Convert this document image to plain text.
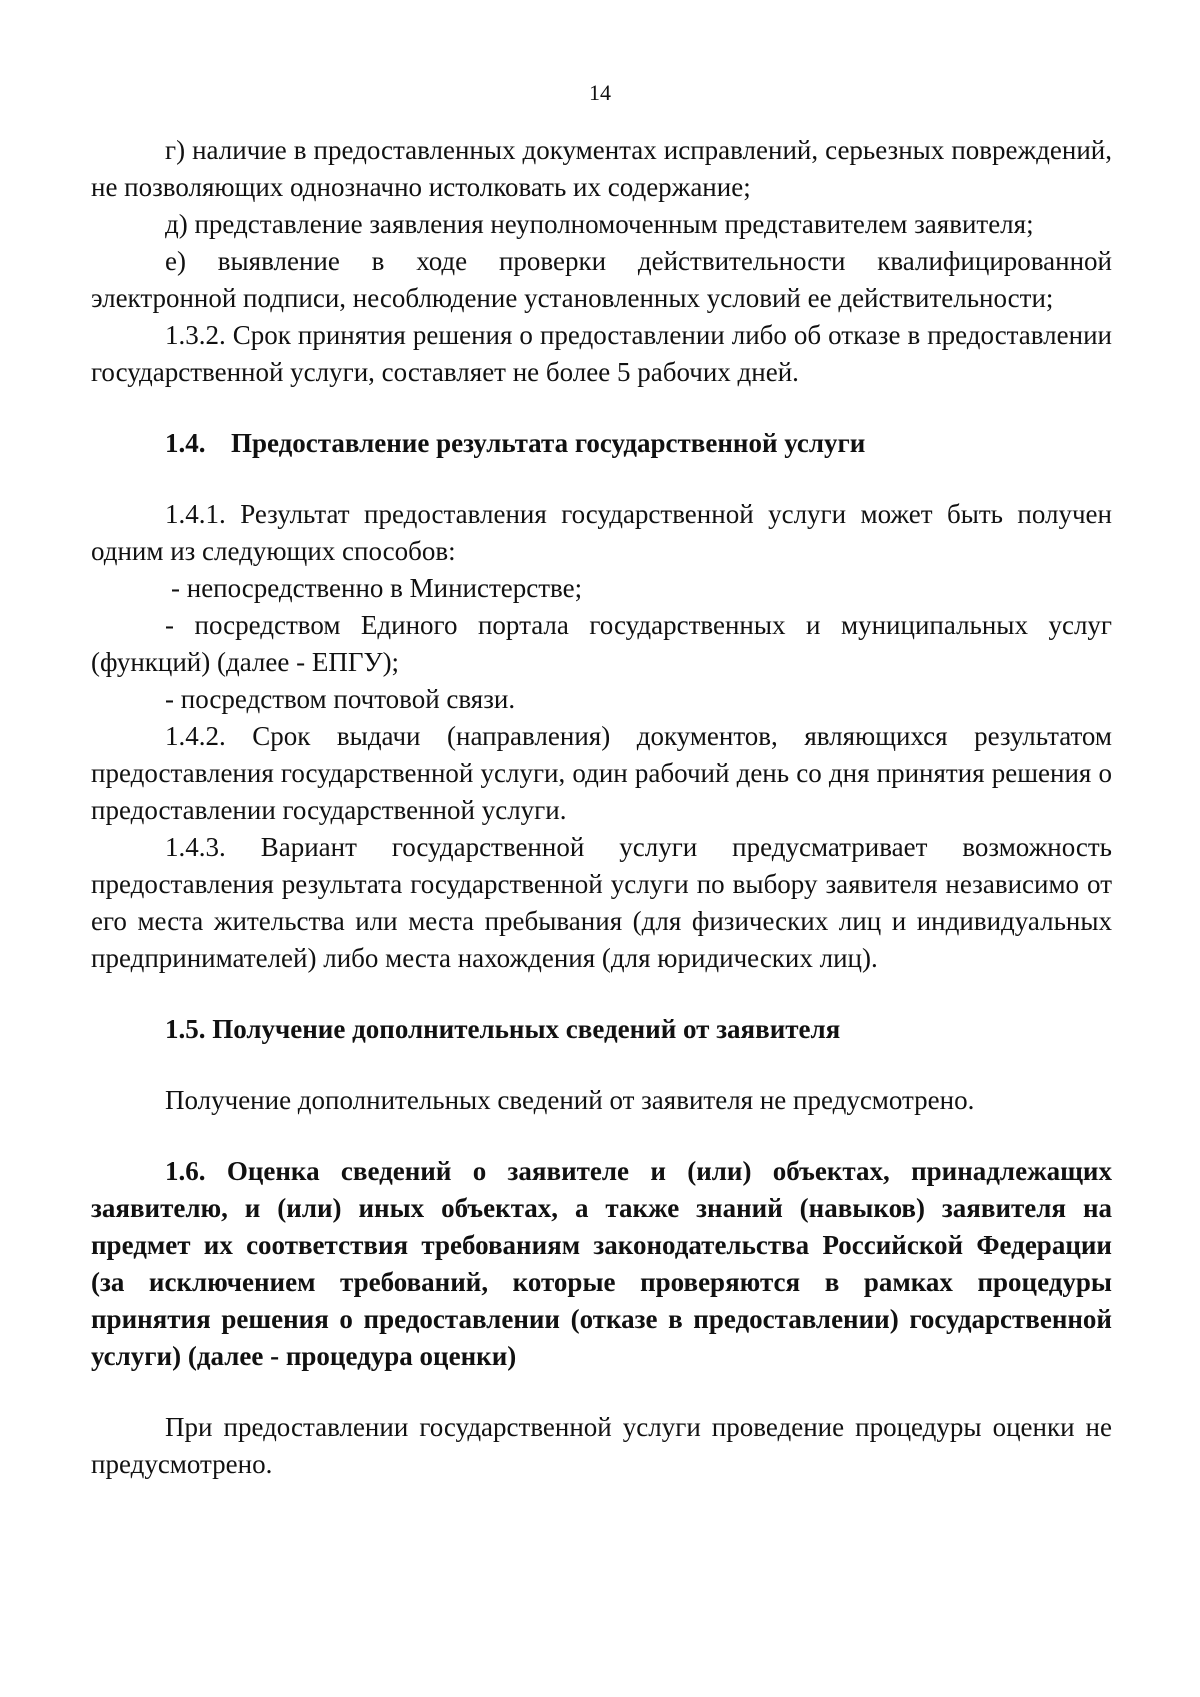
14

г) наличие в предоставленных документах исправлений, серьезных повреждений, не позволяющих однозначно истолковать их содержание;

д) представление заявления неуполномоченным представителем заявителя;

е) выявление в ходе проверки действительности квалифицированной электронной подписи, несоблюдение установленных условий ее действительности;

1.3.2. Срок принятия решения о предоставлении либо об отказе в предоставлении государственной услуги, составляет не более 5 рабочих дней.

1.4. Предоставление результата государственной услуги

1.4.1. Результат предоставления государственной услуги может быть получен одним из следующих способов:

- непосредственно в Министерстве;

- посредством Единого портала государственных и муниципальных услуг (функций) (далее - ЕПГУ);

- посредством почтовой связи.

1.4.2. Срок выдачи (направления) документов, являющихся результатом предоставления государственной услуги, один рабочий день со дня принятия решения о предоставлении государственной услуги.

1.4.3. Вариант государственной услуги предусматривает возможность предоставления результата государственной услуги по выбору заявителя независимо от его места жительства или места пребывания (для физических лиц и индивидуальных предпринимателей) либо места нахождения (для юридических лиц).

1.5. Получение дополнительных сведений от заявителя

Получение дополнительных сведений от заявителя не предусмотрено.

1.6. Оценка сведений о заявителе и (или) объектах, принадлежащих заявителю, и (или) иных объектах, а также знаний (навыков) заявителя на предмет их соответствия требованиям законодательства Российской Федерации (за исключением требований, которые проверяются в рамках процедуры принятия решения о предоставлении (отказе в предоставлении) государственной услуги) (далее - процедура оценки)

При предоставлении государственной услуги проведение процедуры оценки не предусмотрено.
